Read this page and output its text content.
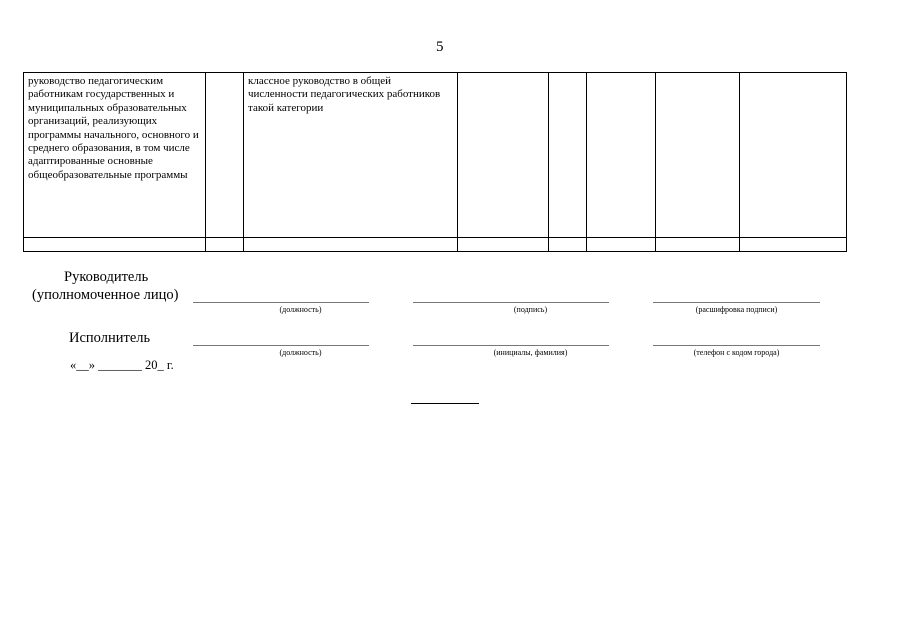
5
руководство педагогическим работникам государственных и муниципальных образовательных организаций, реализующих программы начального, основного и среднего образования, в том числе адаптированные основные общеобразовательные программы		классное руководство в общей численности педагогических работников такой категории					

Руководитель
(уполномоченное лицо)
(должность)	(подпись)	(расшифровка подписи)
Исполнитель
(должность)	(инициалы, фамилия)	(телефон с кодом города)
«__» _______ 20_ г.
